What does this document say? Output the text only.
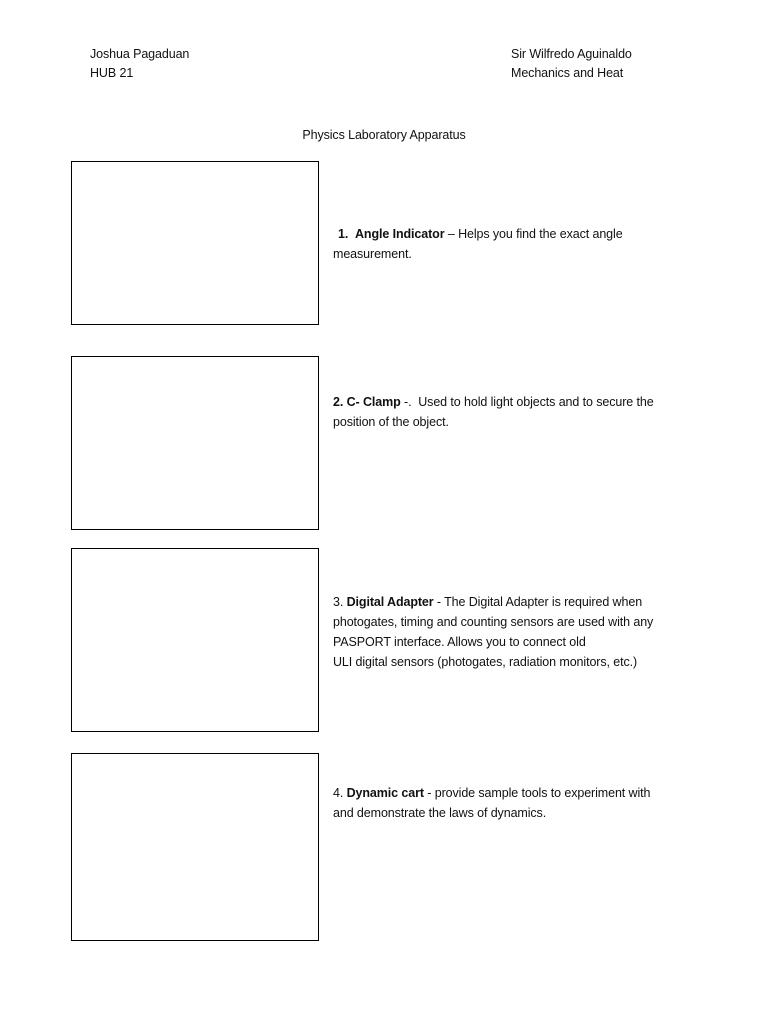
Joshua Pagaduan
HUB 21
Sir Wilfredo Aguinaldo
Mechanics and Heat
Physics Laboratory Apparatus
1. Angle Indicator – Helps you find the exact angle
measurement.
2. C- Clamp -.  Used to hold light objects and to secure the
position of the object.
3. Digital Adapter - The Digital Adapter is required when
photogates, timing and counting sensors are used with any
PASPORT interface. Allows you to connect old
ULI digital sensors (photogates, radiation monitors, etc.)
4. Dynamic cart - provide sample tools to experiment with
and demonstrate the laws of dynamics.
